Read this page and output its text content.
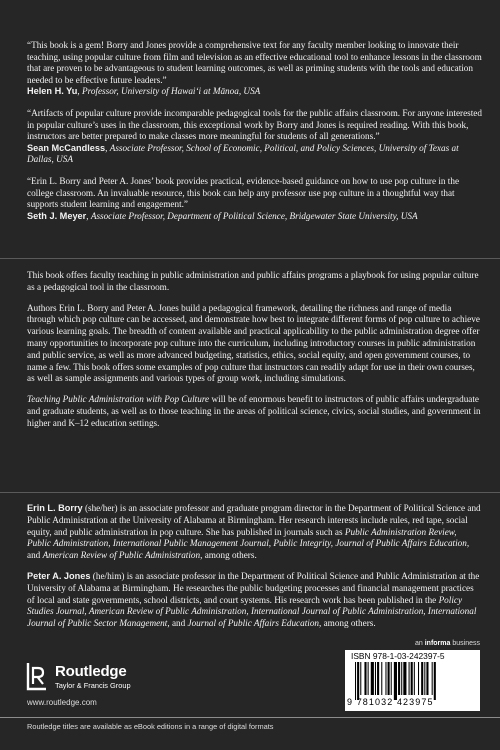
“This book is a gem! Borry and Jones provide a comprehensive text for any faculty member looking to innovate their teaching, using popular culture from film and television as an effective educational tool to enhance lessons in the classroom that are proven to be advantageous to student learning outcomes, as well as priming students with the tools and education needed to be effective future leaders.”
Helen H. Yu, Professor, University of Hawai‘i at Mānoa, USA
“Artifacts of popular culture provide incomparable pedagogical tools for the public affairs classroom. For anyone interested in popular culture’s uses in the classroom, this exceptional work by Borry and Jones is required reading. With this book, instructors are better prepared to make classes more meaningful for students of all generations.”
Sean McCandless, Associate Professor, School of Economic, Political, and Policy Sciences, University of Texas at Dallas, USA
“Erin L. Borry and Peter A. Jones’ book provides practical, evidence-based guidance on how to use pop culture in the college classroom. An invaluable resource, this book can help any professor use pop culture in a thoughtful way that supports student learning and engagement.”
Seth J. Meyer, Associate Professor, Department of Political Science, Bridgewater State University, USA

This book offers faculty teaching in public administration and public affairs programs a playbook for using popular culture as a pedagogical tool in the classroom.

Authors Erin L. Borry and Peter A. Jones build a pedagogical framework, detailing the richness and range of media through which pop culture can be accessed, and demonstrate how best to integrate different forms of pop culture to achieve various learning goals. The breadth of content available and practical applicability to the public administration degree offer many opportunities to incorporate pop culture into the curriculum, including introductory courses in public administration and public service, as well as more advanced budgeting, statistics, ethics, social equity, and open government courses, to name a few. This book offers some examples of pop culture that instructors can readily adapt for use in their own courses, as well as sample assignments and various types of group work, including simulations.

Teaching Public Administration with Pop Culture will be of enormous benefit to instructors of public affairs undergraduate and graduate students, as well as to those teaching in the areas of political science, civics, social studies, and government in higher and K–12 education settings.

Erin L. Borry (she/her) is an associate professor and graduate program director in the Department of Political Science and Public Administration at the University of Alabama at Birmingham. Her research interests include rules, red tape, social equity, and public administration in pop culture. She has published in journals such as Public Administration Review, Public Administration, International Public Management Journal, Public Integrity, Journal of Public Affairs Education, and American Review of Public Administration, among others.

Peter A. Jones (he/him) is an associate professor in the Department of Political Science and Public Administration at the University of Alabama at Birmingham. He researches the public budgeting processes and financial management practices of local and state governments, school districts, and court systems. His research work has been published in the Policy Studies Journal, American Review of Public Administration, International Journal of Public Administration, International Journal of Public Sector Management, and Journal of Public Affairs Education, among others.

Routledge
Taylor & Francis Group
www.routledge.com
an informa business
ISBN 978-1-03-242397-5
9 781032 423975
Routledge titles are available as eBook editions in a range of digital formats
